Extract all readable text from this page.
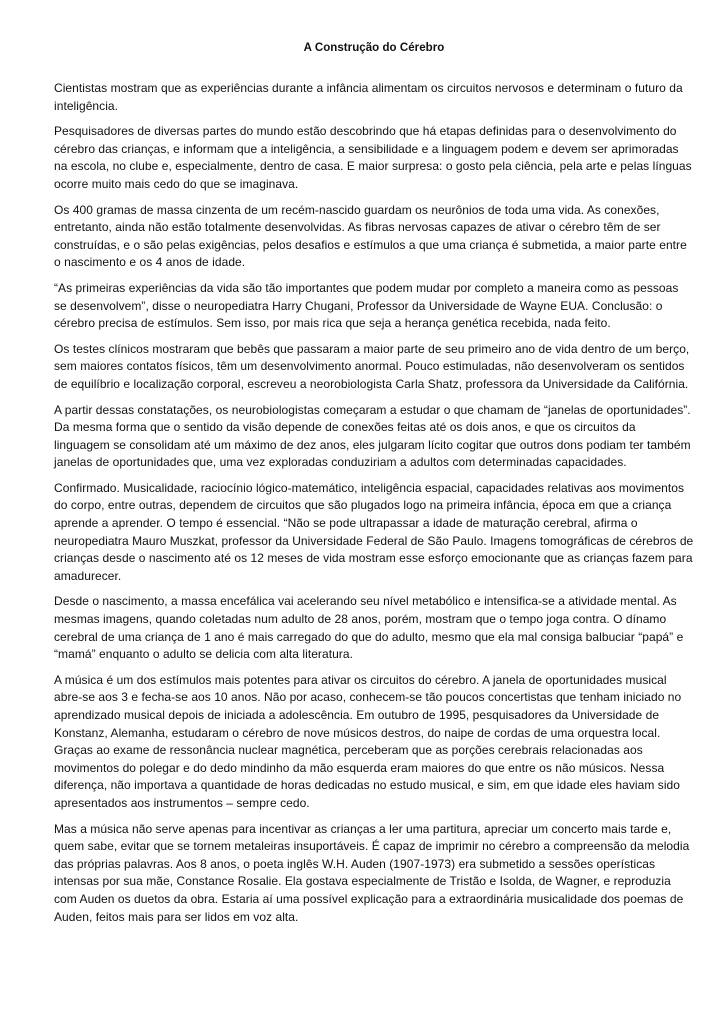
A Construção do Cérebro

Cientistas mostram que as experiências durante a infância alimentam os circuitos nervosos e determinam o futuro da inteligência.

Pesquisadores de diversas partes do mundo estão descobrindo que há etapas definidas para o desenvolvimento do cérebro das crianças, e informam que a inteligência, a sensibilidade e a linguagem podem e devem ser aprimoradas na escola, no clube e, especialmente, dentro de casa. E maior surpresa: o gosto pela ciência, pela arte e pelas línguas ocorre muito mais cedo do que se imaginava.

Os 400 gramas de massa cinzenta de um recém-nascido guardam os neurônios de toda uma vida. As conexões, entretanto, ainda não estão totalmente desenvolvidas. As fibras nervosas capazes de ativar o cérebro têm de ser construídas, e o são pelas exigências, pelos desafios e estímulos a que uma criança é submetida, a maior parte entre o nascimento e os 4 anos de idade.

“As primeiras experiências da vida são tão importantes que podem mudar por completo a maneira como as pessoas se desenvolvem”, disse o neuropediatra Harry Chugani, Professor da Universidade de Wayne EUA. Conclusão: o cérebro precisa de estímulos. Sem isso, por mais rica que seja a herança genética recebida, nada feito.

Os testes clínicos mostraram que bebês que passaram a maior parte de seu primeiro ano de vida dentro de um berço, sem maiores contatos físicos, têm um desenvolvimento anormal. Pouco estimuladas, não desenvolveram os sentidos de equilíbrio e localização corporal, escreveu a neorobiologista Carla Shatz, professora da Universidade da Califórnia.

A partir dessas constatações, os neurobiologistas começaram a estudar o que chamam de “janelas de oportunidades”. Da mesma forma que o sentido da visão depende de conexões feitas até os dois anos, e que os circuitos da linguagem se consolidam até um máximo de dez anos, eles julgaram lícito cogitar que outros dons podiam ter também janelas de oportunidades que, uma vez exploradas conduziriam a adultos com determinadas capacidades.

Confirmado. Musicalidade, raciocínio lógico-matemático, inteligência espacial, capacidades relativas aos movimentos do corpo, entre outras, dependem de circuitos que são plugados logo na primeira infância, época em que a criança aprende a aprender. O tempo é essencial. “Não se pode ultrapassar a idade de maturação cerebral, afirma o neuropediatra Mauro Muszkat, professor da Universidade Federal de São Paulo. Imagens tomográficas de cérebros de crianças desde o nascimento até os 12 meses de vida mostram esse esforço emocionante que as crianças fazem para amadurecer.

Desde o nascimento, a massa encefálica vai acelerando seu nível metabólico e intensifica-se a atividade mental. As mesmas imagens, quando coletadas num adulto de 28 anos, porém, mostram que o tempo joga contra. O dínamo cerebral de uma criança de 1 ano é mais carregado do que do adulto, mesmo que ela mal consiga balbuciar “papá” e “mamá” enquanto o adulto se delicia com alta literatura.

A música é um dos estímulos mais potentes para ativar os circuitos do cérebro. A janela de oportunidades musical abre-se aos 3 e fecha-se aos 10 anos. Não por acaso, conhecem-se tão poucos concertistas que tenham iniciado no aprendizado musical depois de iniciada a adolescência. Em outubro de 1995, pesquisadores da Universidade de Konstanz, Alemanha, estudaram o cérebro de nove músicos destros, do naipe de cordas de uma orquestra local. Graças ao exame de ressonância nuclear magnética, perceberam que as porções cerebrais relacionadas aos movimentos do polegar e do dedo mindinho da mão esquerda eram maiores do que entre os não músicos. Nessa diferença, não importava a quantidade de horas dedicadas no estudo musical, e sim, em que idade eles haviam sido apresentados aos instrumentos – sempre cedo.

Mas a música não serve apenas para incentivar as crianças a ler uma partitura, apreciar um concerto mais tarde e, quem sabe, evitar que se tornem metaleiras insuportáveis. É capaz de imprimir no cérebro a compreensão da melodia das próprias palavras. Aos 8 anos, o poeta inglês W.H. Auden (1907-1973) era submetido a sessões operísticas intensas por sua mãe, Constance Rosalie. Ela gostava especialmente de Tristão e Isolda, de Wagner, e reproduzia com Auden os duetos da obra. Estaria aí uma possível explicação para a extraordinária musicalidade dos poemas de Auden, feitos mais para ser lidos em voz alta.
